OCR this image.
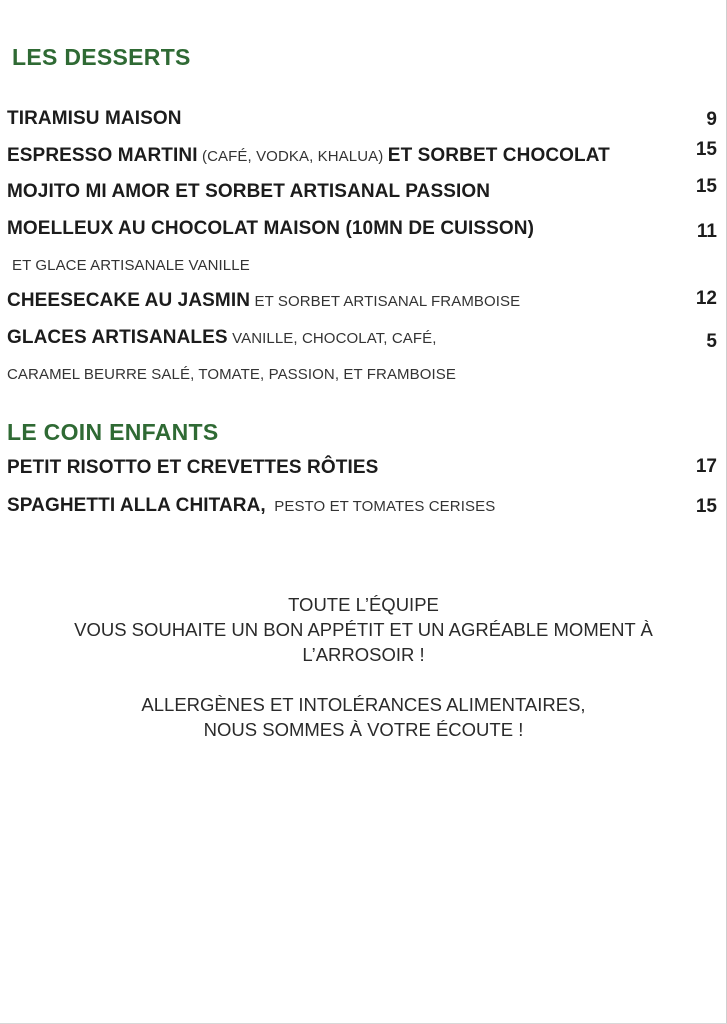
LES DESSERTS
TIRAMISU MAISON	9
ESPRESSO MARTINI (CAFÉ, VODKA, KHALUA) ET SORBET CHOCOLAT	15
MOJITO MI AMOR ET SORBET ARTISANAL PASSION	15
MOELLEUX AU CHOCOLAT MAISON (10MN DE CUISSON)	11
ET GLACE ARTISANALE VANILLE
CHEESECAKE AU JASMIN ET SORBET ARTISANAL FRAMBOISE	12
GLACES ARTISANALES VANILLE, CHOCOLAT, CAFÉ,	5
CARAMEL BEURRE SALÉ, TOMATE, PASSION, ET FRAMBOISE
LE COIN ENFANTS
PETIT RISOTTO ET CREVETTES RÔTIES	17
SPAGHETTI ALLA CHITARA, PESTO ET TOMATES CERISES	15
TOUTE L’ÉQUIPE
VOUS SOUHAITE UN BON APPÉTIT ET UN AGRÉABLE MOMENT À
L’ARROSOIR !
ALLERGÈNES ET INTOLÉRANCES ALIMENTAIRES,
NOUS SOMMES À VOTRE ÉCOUTE !
